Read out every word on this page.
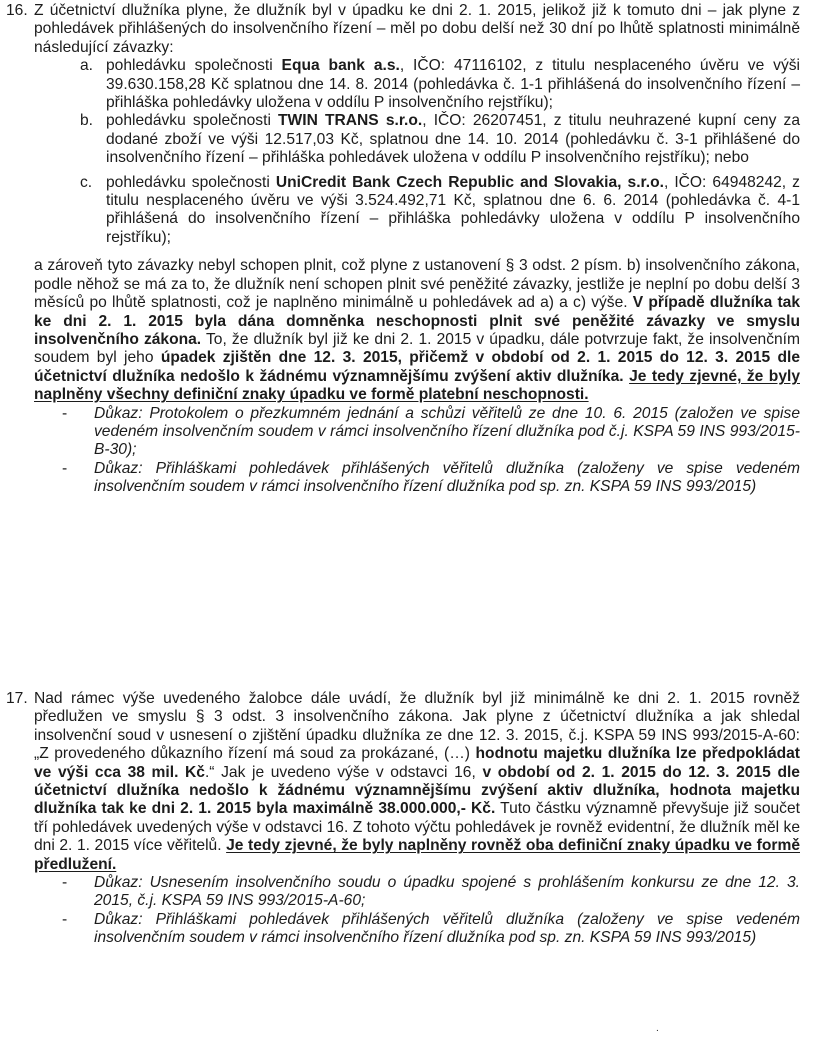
16. Z účetnictví dlužníka plyne, že dlužník byl v úpadku ke dni 2. 1. 2015, jelikož již k tomuto dni – jak plyne z pohledávek přihlášených do insolvenčního řízení – měl po dobu delší než 30 dní po lhůtě splatnosti minimálně následující závazky:
a. pohledávku společnosti Equa bank a.s., IČO: 47116102, z titulu nesplaceného úvěru ve výši 39.630.158,28 Kč splatnou dne 14. 8. 2014 (pohledávka č. 1-1 přihlášená do insolvenčního řízení – přihláška pohledávky uložena v oddílu P insolvenčního rejstříku);
b. pohledávku společnosti TWIN TRANS s.r.o., IČO: 26207451, z titulu neuhrazené kupní ceny za dodané zboží ve výši 12.517,03 Kč, splatnou dne 14. 10. 2014 (pohledávku č. 3-1 přihlášené do insolvenčního řízení – přihláška pohledávek uložena v oddílu P insolvenčního rejstříku); nebo
c. pohledávku společnosti UniCredit Bank Czech Republic and Slovakia, s.r.o., IČO: 64948242, z titulu nesplaceného úvěru ve výši 3.524.492,71 Kč, splatnou dne 6. 6. 2014 (pohledávka č. 4-1 přihlášená do insolvenčního řízení – přihláška pohledávky uložena v oddílu P insolvenčního rejstříku);
a zároveň tyto závazky nebyl schopen plnit, což plyne z ustanovení § 3 odst. 2 písm. b) insolvenčního zákona, podle něhož se má za to, že dlužník není schopen plnit své peněžité závazky, jestliže je neplní po dobu delší 3 měsíců po lhůtě splatnosti, což je naplněno minimálně u pohledávek ad a) a c) výše. V případě dlužníka tak ke dni 2. 1. 2015 byla dána domněnka neschopnosti plnit své peněžité závazky ve smyslu insolvenčního zákona. To, že dlužník byl již ke dni 2. 1. 2015 v úpadku, dále potvrzuje fakt, že insolvenčním soudem byl jeho úpadek zjištěn dne 12. 3. 2015, přičemž v období od 2. 1. 2015 do 12. 3. 2015 dle účetnictví dlužníka nedošlo k žádnému významnějšímu zvýšení aktiv dlužníka. Je tedy zjevné, že byly naplněny všechny definiční znaky úpadku ve formě platební neschopnosti.
- Důkaz: Protokolem o přezkumném jednání a schůzi věřitelů ze dne 10. 6. 2015 (založen ve spise vedeném insolvenčním soudem v rámci insolvenčního řízení dlužníka pod č.j. KSPA 59 INS 993/2015-B-30);
- Důkaz: Přihláškami pohledávek přihlášených věřitelů dlužníka (založeny ve spise vedeném insolvenčním soudem v rámci insolvenčního řízení dlužníka pod sp. zn. KSPA 59 INS 993/2015)
17. Nad rámec výše uvedeného žalobce dále uvádí, že dlužník byl již minimálně ke dni 2. 1. 2015 rovněž předlužen ve smyslu § 3 odst. 3 insolvenčního zákona. Jak plyne z účetnictví dlužníka a jak shledal insolvenční soud v usnesení o zjištění úpadku dlužníka ze dne 12. 3. 2015, č.j. KSPA 59 INS 993/2015-A-60: „Z provedeného důkazního řízení má soud za prokázané, (…) hodnotu majetku dlužníka lze předpokládat ve výši cca 38 mil. Kč.“ Jak je uvedeno výše v odstavci 16, v období od 2. 1. 2015 do 12. 3. 2015 dle účetnictví dlužníka nedošlo k žádnému významnějšímu zvýšení aktiv dlužníka, hodnota majetku dlužníka tak ke dni 2. 1. 2015 byla maximálně 38.000.000,- Kč. Tuto částku významně převyšuje již součet tří pohledávek uvedených výše v odstavci 16. Z tohoto výčtu pohledávek je rovněž evidentní, že dlužník měl ke dni 2. 1. 2015 více věřitelů. Je tedy zjevné, že byly naplněny rovněž oba definiční znaky úpadku ve formě předlužení.
- Důkaz: Usnesením insolvenčního soudu o úpadku spojené s prohlášením konkursu ze dne 12. 3. 2015, č.j. KSPA 59 INS 993/2015-A-60;
- Důkaz: Přihláškami pohledávek přihlášených věřitelů dlužníka (založeny ve spise vedeném insolvenčním soudem v rámci insolvenčního řízení dlužníka pod sp. zn. KSPA 59 INS 993/2015)
.
